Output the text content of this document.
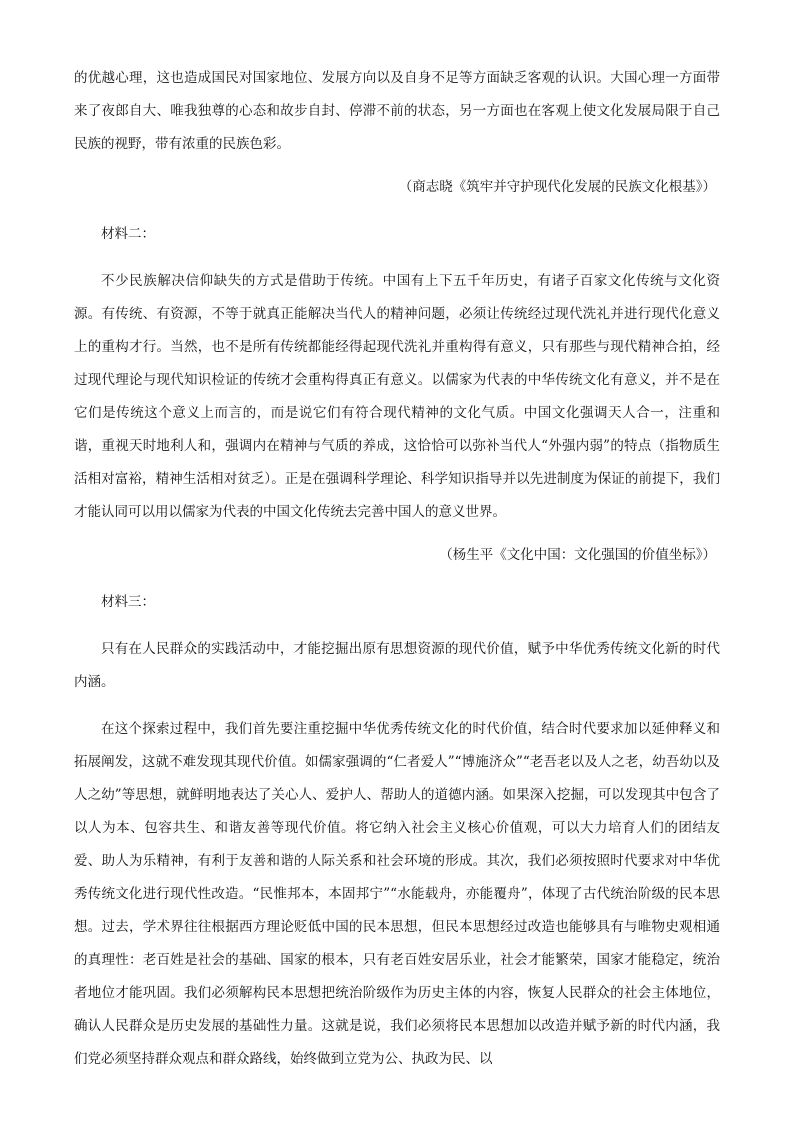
的优越心理，这也造成国民对国家地位、发展方向以及自身不足等方面缺乏客观的认识。大国心理一方面带来了夜郎自大、唯我独尊的心态和故步自封、停滞不前的状态，另一方面也在客观上使文化发展局限于自己民族的视野，带有浓重的民族色彩。

（商志晓《筑牢并守护现代化发展的民族文化根基》）

材料二：

不少民族解决信仰缺失的方式是借助于传统。中国有上下五千年历史，有诸子百家文化传统与文化资源。有传统、有资源，不等于就真正能解决当代人的精神问题，必须让传统经过现代洗礼并进行现代化意义上的重构才行。当然，也不是所有传统都能经得起现代洗礼并重构得有意义，只有那些与现代精神合拍，经过现代理论与现代知识检证的传统才会重构得真正有意义。以儒家为代表的中华传统文化有意义，并不是在它们是传统这个意义上而言的，而是说它们有符合现代精神的文化气质。中国文化强调天人合一，注重和谐，重视天时地利人和，强调内在精神与气质的养成，这恰恰可以弥补当代人“外强内弱”的特点（指物质生活相对富裕，精神生活相对贫乏）。正是在强调科学理论、科学知识指导并以先进制度为保证的前提下，我们才能认同可以用以儒家为代表的中国文化传统去完善中国人的意义世界。

（杨生平《文化中国：文化强国的价值坐标》）

材料三：

只有在人民群众的实践活动中，才能挖掘出原有思想资源的现代价值，赋予中华优秀传统文化新的时代内涵。

在这个探索过程中，我们首先要注重挖掘中华优秀传统文化的时代价值，结合时代要求加以延伸释义和拓展阐发，这就不难发现其现代价值。如儒家强调的“仁者爱人”“博施济众”“老吾老以及人之老，幼吾幼以及人之幼”等思想，就鲜明地表达了关心人、爱护人、帮助人的道德内涵。如果深入挖掘，可以发现其中包含了以人为本、包容共生、和谐友善等现代价值。将它纳入社会主义核心价值观，可以大力培育人们的团结友爱、助人为乐精神，有利于友善和谐的人际关系和社会环境的形成。其次，我们必须按照时代要求对中华优秀传统文化进行现代性改造。“民惟邦本，本固邦宁”“水能载舟，亦能覆舟”，体现了古代统治阶级的民本思想。过去，学术界往往根据西方理论贬低中国的民本思想，但民本思想经过改造也能够具有与唯物史观相通的真理性：老百姓是社会的基础、国家的根本，只有老百姓安居乐业，社会才能繁荣，国家才能稳定，统治者地位才能巩固。我们必须解构民本思想把统治阶级作为历史主体的内容，恢复人民群众的社会主体地位，确认人民群众是历史发展的基础性力量。这就是说，我们必须将民本思想加以改造并赋予新的时代内涵，我们党必须坚持群众观点和群众路线，始终做到立党为公、执政为民、以
